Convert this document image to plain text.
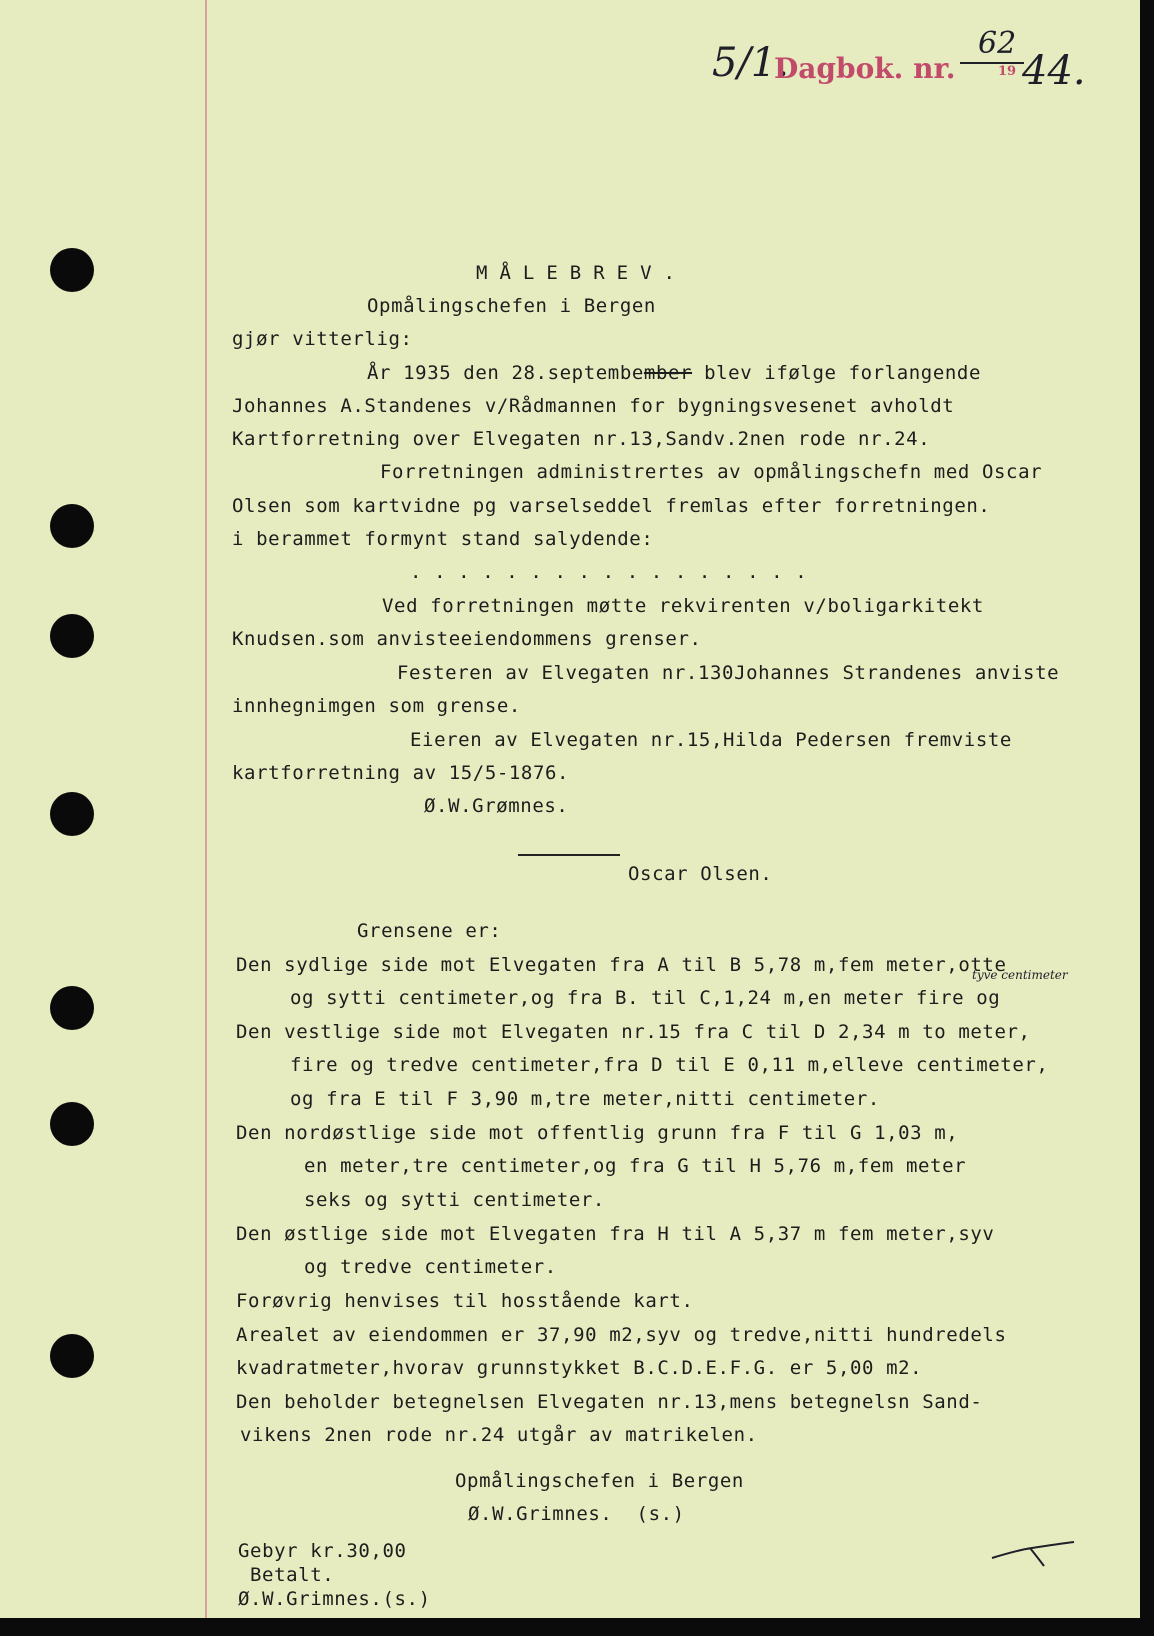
5/1.
Dagbok. nr.
62
19 44.
MÅLEBREV.
Opmålingschefen i Bergen
gjør vitterlig:
År 1935 den 28.septembember blev ifølge forlangende
Johannes A.Standenes v/Rådmannen for bygningsvesenet avholdt
Kartforretning over Elvegaten nr.13,Sandv.2nen rode nr.24.
Forretningen administrertes av opmålingschefn med Oscar
Olsen som kartvidne pg varselseddel fremlas efter forretningen.
i berammet formynt stand salydende:
. . . . . . . . . . . . . . . . .
Ved forretningen møtte rekvirenten v/boligarkitekt
Knudsen.som anvisteeiendommens grenser.
Festeren av Elvegaten nr.130Johannes Strandenes anviste
innhegnimgen som grense.
Eieren av Elvegaten nr.15,Hilda Pedersen fremviste
kartforretning av 15/5-1876.
Ø.W.Grømnes.
Oscar Olsen.
Grensene er:
Den sydlige side mot Elvegaten fra A til B 5,78 m,fem meter,otte
og sytti centimeter,og fra B. til C,1,24 m,en meter fire og
tyve centimeter
Den vestlige side mot Elvegaten nr.15 fra C til D 2,34 m to meter,
fire og tredve centimeter,fra D til E 0,11 m,elleve centimeter,
og fra E til F 3,90 m,tre meter,nitti centimeter.
Den nordøstlige side mot offentlig grunn fra F til G 1,03 m,
en meter,tre centimeter,og fra G til H 5,76 m,fem meter
seks og sytti centimeter.
Den østlige side mot Elvegaten fra H til A 5,37 m fem meter,syv
og tredve centimeter.
Forøvrig henvises til hosstående kart.
Arealet av eiendommen er 37,90 m2,syv og tredve,nitti hundredels
kvadratmeter,hvorav grunnstykket B.C.D.E.F.G. er 5,00 m2.
Den beholder betegnelsen Elvegaten nr.13,mens betegnelsn Sand-
vikens 2nen rode nr.24 utgår av matrikelen.
Opmålingschefen i Bergen
Ø.W.Grimnes.  (s.)
Gebyr kr.30,00
Betalt.
Ø.W.Grimnes.(s.)
